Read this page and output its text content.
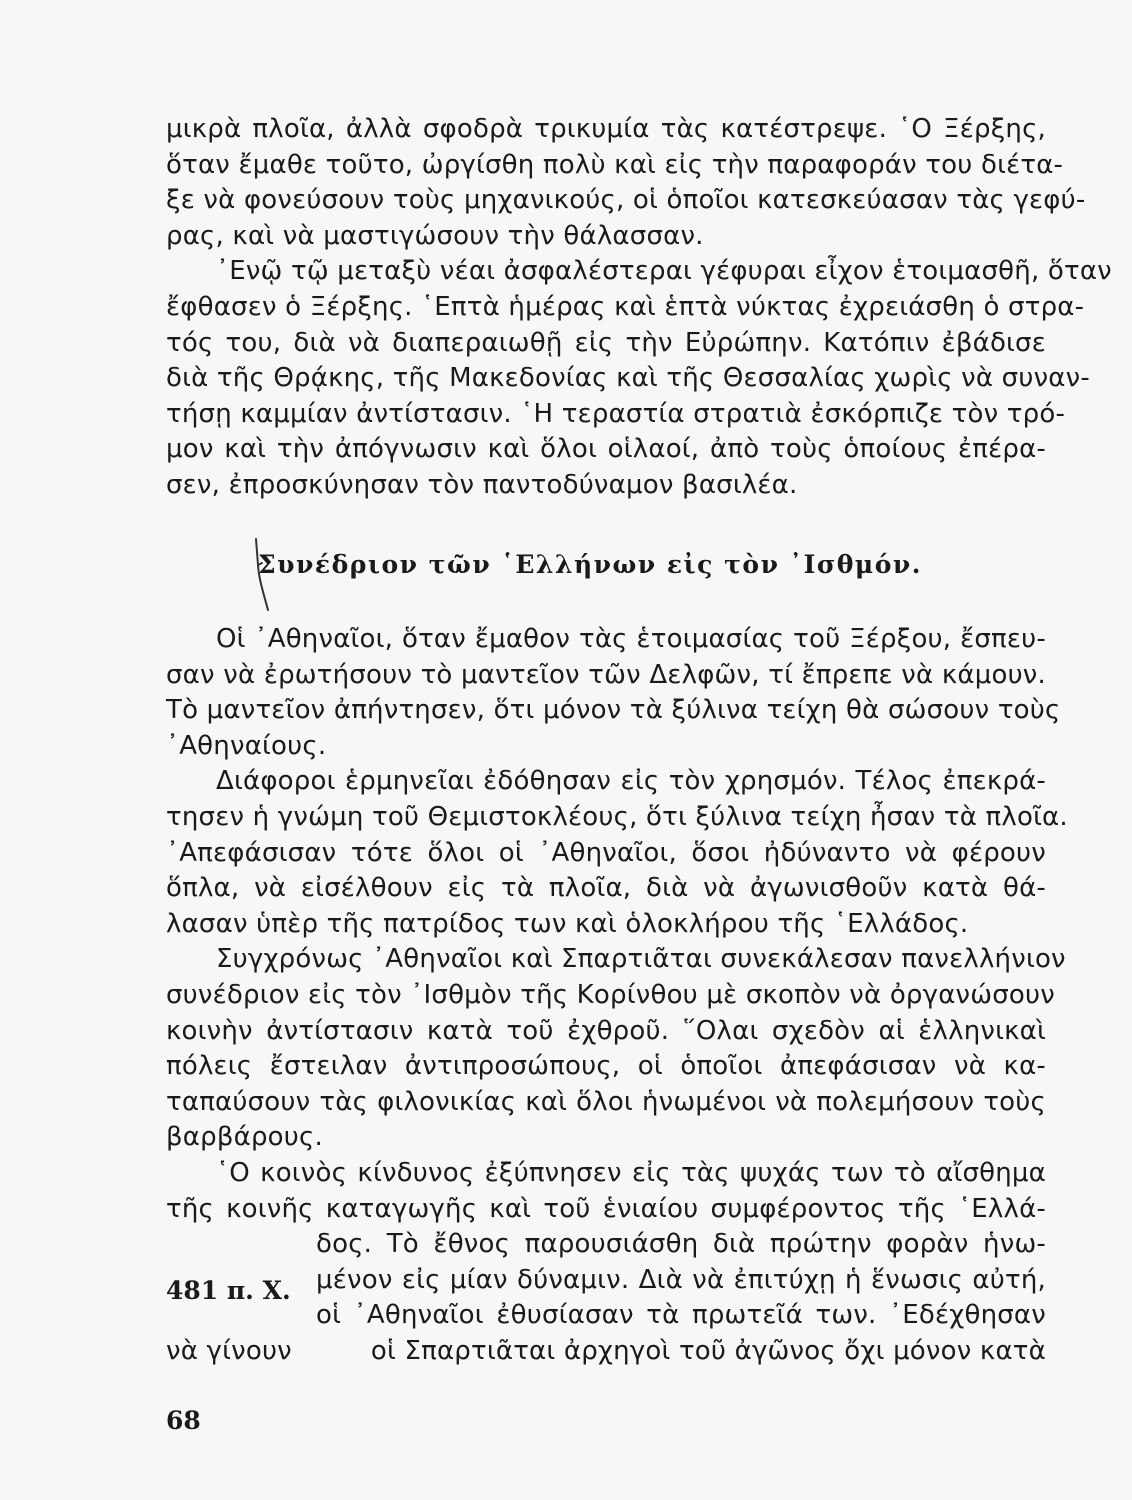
μικρὰ πλοῖα, ἀλλὰ σφοδρὰ τρικυμία τὰς κατέστρεψε. ῾Ο Ξέρξης,
ὅταν ἔμαθε τοῦτο, ὠργίσθη πολὺ καὶ εἰς τὴν παραφοράν του διέτα-
ξε νὰ φονεύσουν τοὺς μηχανικούς, οἱ ὁποῖοι κατεσκεύασαν τὰς γεφύ-
ρας, καὶ νὰ μαστιγώσουν τὴν θάλασσαν.
᾿Ενῷ τῷ μεταξὺ νέαι ἀσφαλέστεραι γέφυραι εἶχον ἑτοιμασθῆ, ὅταν
ἔφθασεν ὁ Ξέρξης. ῾Επτὰ ἡμέρας καὶ ἑπτὰ νύκτας ἐχρειάσθη ὁ στρα-
τός του, διὰ νὰ διαπεραιωθῇ εἰς τὴν Εὐρώπην. Κατόπιν ἐβάδισε
διὰ τῆς Θρᾴκης, τῆς Μακεδονίας καὶ τῆς Θεσσαλίας χωρὶς νὰ συναν-
τήσῃ καμμίαν ἀντίστασιν. ῾Η τεραστία στρατιὰ ἐσκόρπιζε τὸν τρό-
μον καὶ τὴν ἀπόγνωσιν καὶ ὅλοι οἱλαοί, ἀπὸ τοὺς ὁποίους ἐπέρα-
σεν, ἐπροσκύνησαν τὸν παντοδύναμον βασιλέα.
Συνέδριον τῶν ῾Ελλήνων εἰς τὸν ᾿Ισθμόν.
Οἱ ᾿Αθηναῖοι, ὅταν ἔμαθον τὰς ἑτοιμασίας τοῦ Ξέρξου, ἔσπευ-
σαν νὰ ἐρωτήσουν τὸ μαντεῖον τῶν Δελφῶν, τί ἔπρεπε νὰ κάμουν.
Τὸ μαντεῖον ἀπήντησεν, ὅτι μόνον τὰ ξύλινα τείχη θὰ σώσουν τοὺς
᾿Αθηναίους.
Διάφοροι ἑρμηνεῖαι ἐδόθησαν εἰς τὸν χρησμόν. Τέλος ἐπεκρά-
τησεν ἡ γνώμη τοῦ Θεμιστοκλέους, ὅτι ξύλινα τείχη ἦσαν τὰ πλοῖα.
᾿Απεφάσισαν τότε ὅλοι οἱ ᾿Αθηναῖοι, ὅσοι ἠδύναντο νὰ φέρουν
ὅπλα, νὰ εἰσέλθουν εἰς τὰ πλοῖα, διὰ νὰ ἀγωνισθοῦν κατὰ θά-
λασαν ὑπὲρ τῆς πατρίδος των καὶ ὁλοκλήρου τῆς ῾Ελλάδος.
Συγχρόνως ᾿Αθηναῖοι καὶ Σπαρτιᾶται συνεκάλεσαν πανελλήνιον
συνέδριον εἰς τὸν ᾿Ισθμὸν τῆς Κορίνθου μὲ σκοπὸν νὰ ὀργανώσουν
κοινὴν ἀντίστασιν κατὰ τοῦ ἐχθροῦ. ῞Ολαι σχεδὸν αἱ ἑλληνικαὶ
πόλεις ἔστειλαν ἀντιπροσώπους, οἱ ὁποῖοι ἀπεφάσισαν νὰ κα-
ταπαύσουν τὰς φιλονικίας καὶ ὅλοι ἡνωμένοι νὰ πολεμήσουν τοὺς
βαρβάρους.
῾Ο κοινὸς κίνδυνος ἐξύπνησεν εἰς τὰς ψυχάς των τὸ αἴσθημα
τῆς κοινῆς καταγωγῆς καὶ τοῦ ἑνιαίου συμφέροντος τῆς ῾Ελλά-
δος. Τὸ ἔθνος παρουσιάσθη διὰ πρώτην φορὰν ἡνω-
μένον εἰς μίαν δύναμιν. Διὰ νὰ ἐπιτύχῃ ἡ ἕνωσις αὐτή,
οἱ ᾿Αθηναῖοι ἐθυσίασαν τὰ πρωτεῖά των. ᾿Εδέχθησαν
νὰ γίνουν	οἱ Σπαρτιᾶται ἀρχηγοὶ τοῦ ἀγῶνος ὄχι μόνον κατὰ
481 π. Χ.
68
